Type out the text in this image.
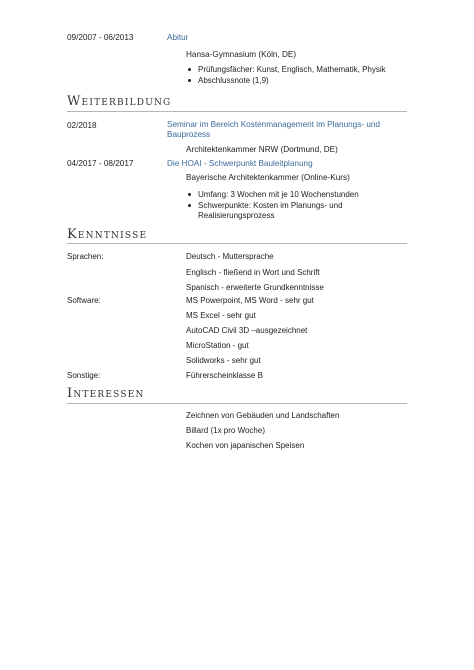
09/2007 - 06/2013	Abitur
Hansa-Gymnasium (Köln, DE)
Prüfungsfächer: Kunst, Englisch, Mathematik, Physik
Abschlussnote (1,9)
Weiterbildung
02/2018	Seminar im Bereich Kostenmanagement im Planungs- und
Bauprozess
Architektenkammer NRW (Dortmund, DE)
04/2017 - 08/2017	Die HOAI - Schwerpunkt Bauleitplanung
Bayerische Architektenkammer (Online-Kurs)
Umfang: 3 Wochen mit je 10 Wochenstunden
Schwerpunkte: Kosten im Planungs- und
Realisierungsprozess
Kenntnisse
Sprachen:	Deutsch - Muttersprache
Englisch - fließend in Wort und Schrift
Spanisch - erweiterte Grundkenntnisse
Software:	MS Powerpoint, MS Word - sehr gut
MS Excel - sehr gut
AutoCAD Civil 3D –ausgezeichnet
MicroStation - gut
Solidworks - sehr gut
Sonstige:	Führerscheinklasse B
Interessen
Zeichnen von Gebäuden und Landschaften
Billard (1x pro Woche)
Kochen von japanischen Speisen
